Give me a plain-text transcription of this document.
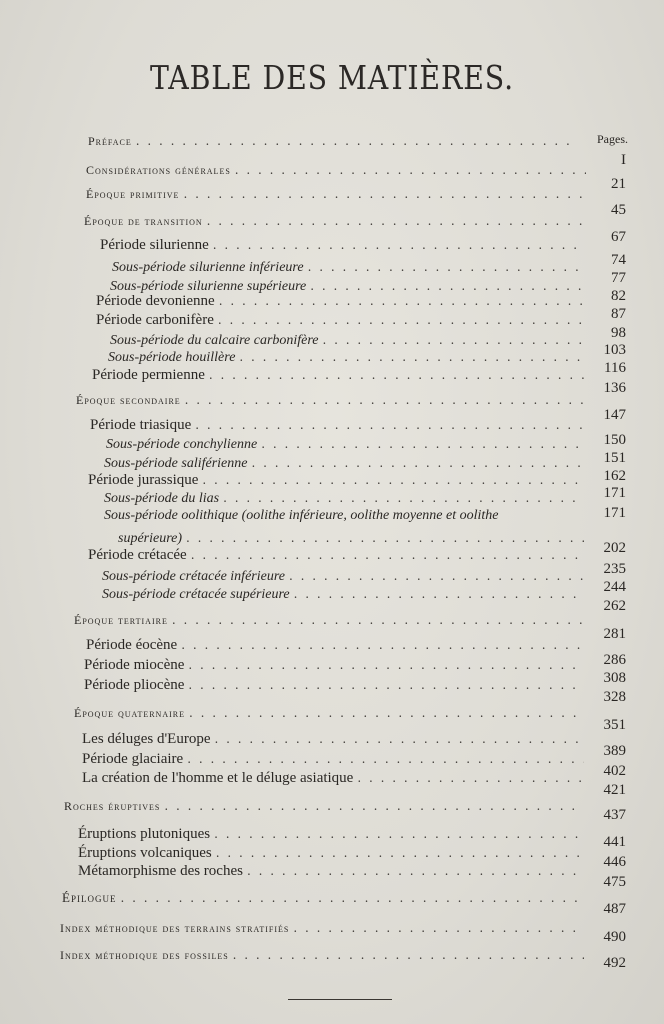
TABLE DES MATIÈRES.
Pages.
Préface
. . .
I
Considérations générales
. . .
21
Époque primitive
. . .
45
Époque de transition
. . .
67
Période silurienne
. . .
74
Sous-période silurienne inférieure
. . .
77
Sous-période silurienne supérieure
. . .
82
Période devonienne
. . .
87
Période carbonifère
. . .
98
Sous-période du calcaire carbonifère
. . .
103
Sous-période houillère
. . .
116
Période permienne
. . .
136
Époque secondaire
. . .
147
Période triasique
. . .
150
Sous-période conchylienne
. . .
151
Sous-période saliférienne
. . .
162
Période jurassique
. . .
171
Sous-période du lias
. . .
171
Sous-période oolithique (oolithe inférieure, oolithe moyenne et oolithe
supérieure)
. . .
202
Période crétacée
. . .
235
Sous-période crétacée inférieure
. . .
244
Sous-période crétacée supérieure
. . .
262
Époque tertiaire
. . .
281
Période éocène
. . .
286
Période miocène
. . .
308
Période pliocène
. . .
328
Époque quaternaire
. . .
351
Les déluges d'Europe
. . .
389
Période glaciaire
. . .
402
La création de l'homme et le déluge asiatique
. . .
421
Roches éruptives
. . .
437
Éruptions plutoniques . . .	441
Éruptions volcaniques
. . .
446
Métamorphisme des roches
. . .
475
Épilogue
. . .
487
Index méthodique des terrains stratifiés
. . .
490
Index méthodique des fossiles . . .	492
